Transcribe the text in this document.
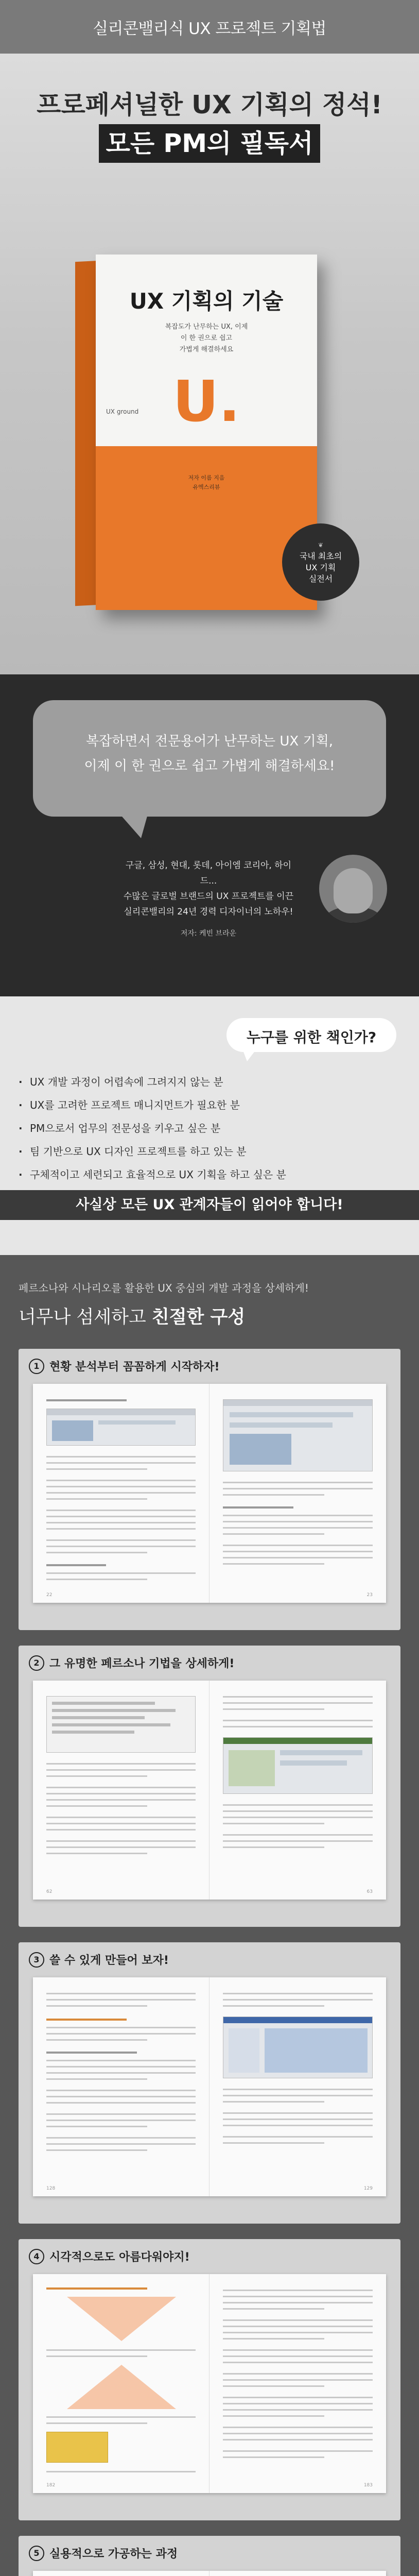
실리콘밸리식 UX 프로젝트 기획법
프로페셔널한 UX 기획의 정석!
모든 PM의 필독서
UX 기획의 기술
복잡도가 난무하는 UX, 이제
이 한 권으로 쉽고
가볍게 해결하세요
U.
UX ground
저자 이름 지음
유엑스리뷰
❦
국내 최초의
UX 기획
실전서
복잡하면서 전문용어가 난무하는 UX 기획,
이제 이 한 권으로 쉽고 가볍게 해결하세요!
구글, 삼성, 현대, 롯데, 아이엠 코리아, 하이드...
수많은 글로벌 브랜드의 UX 프로젝트를 이끈
실리콘밸리의 24년 경력 디자이너의 노하우!
저자: 케빈 브라운
누구를 위한 책인가?
· UX 개발 과정이 어렵속에 그려지지 않는 분
· UX를 고려한 프로젝트 매니지먼트가 필요한 분
· PM으로서 업무의 전문성을 키우고 싶은 분
· 팀 기반으로 UX 디자인 프로젝트를 하고 있는 분
· 구체적이고 세련되고 효율적으로 UX 기획을 하고 싶은 분
사실상 모든 UX 관계자들이 읽어야 합니다!
페르소나와 시나리오를 활용한 UX 중심의 개발 과정을 상세하게!
너무나 섬세하고 친절한 구성
1 현황 분석부터 꼼꼼하게 시작하자!
22	23
2 그 유명한 페르소나 기법을 상세하게!
62	63
3 쓸 수 있게 만들어 보자!
128	129
4 시각적으로도 아름다워야지!
182	183
5 실용적으로 가공하는 과정
